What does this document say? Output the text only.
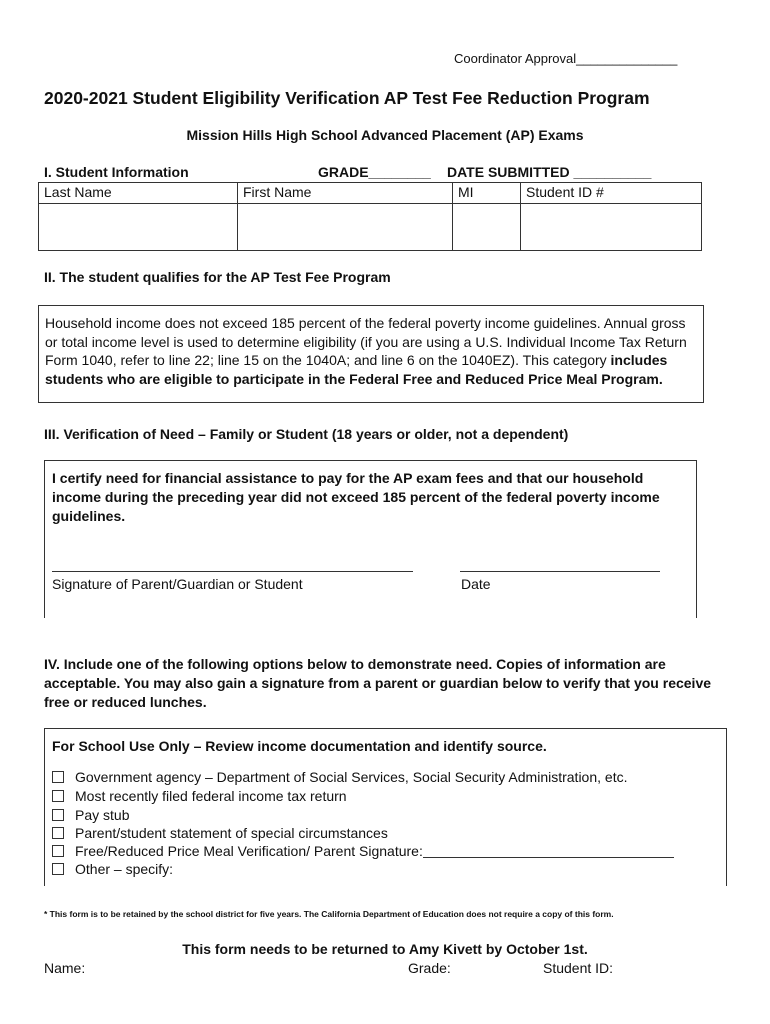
Coordinator Approval______________
2020-2021 Student Eligibility Verification AP Test Fee Reduction Program
Mission Hills High School Advanced Placement (AP) Exams
I. Student Information	GRADE________ DATE SUBMITTED __________
Last Name	First Name	MI	Student ID #

II. The student qualifies for the AP Test Fee Program
Household income does not exceed 185 percent of the federal poverty income guidelines. Annual gross or total income level is used to determine eligibility (if you are using a U.S. Individual Income Tax Return Form 1040, refer to line 22; line 15 on the 1040A; and line 6 on the 1040EZ). This category includes students who are eligible to participate in the Federal Free and Reduced Price Meal Program.
III. Verification of Need – Family or Student (18 years or older, not a dependent)
I certify need for financial assistance to pay for the AP exam fees and that our household income during the preceding year did not exceed 185 percent of the federal poverty income guidelines.
Signature of Parent/Guardian or Student	Date
IV. Include one of the following options below to demonstrate need. Copies of information are acceptable. You may also gain a signature from a parent or guardian below to verify that you receive free or reduced lunches.
For School Use Only – Review income documentation and identify source.
Government agency – Department of Social Services, Social Security Administration, etc.
Most recently filed federal income tax return
Pay stub
Parent/student statement of special circumstances
Free/Reduced Price Meal Verification/ Parent Signature:
Other – specify:
* This form is to be retained by the school district for five years. The California Department of Education does not require a copy of this form.
This form needs to be returned to Amy Kivett by October 1st.
Name:	Grade:	Student ID:
